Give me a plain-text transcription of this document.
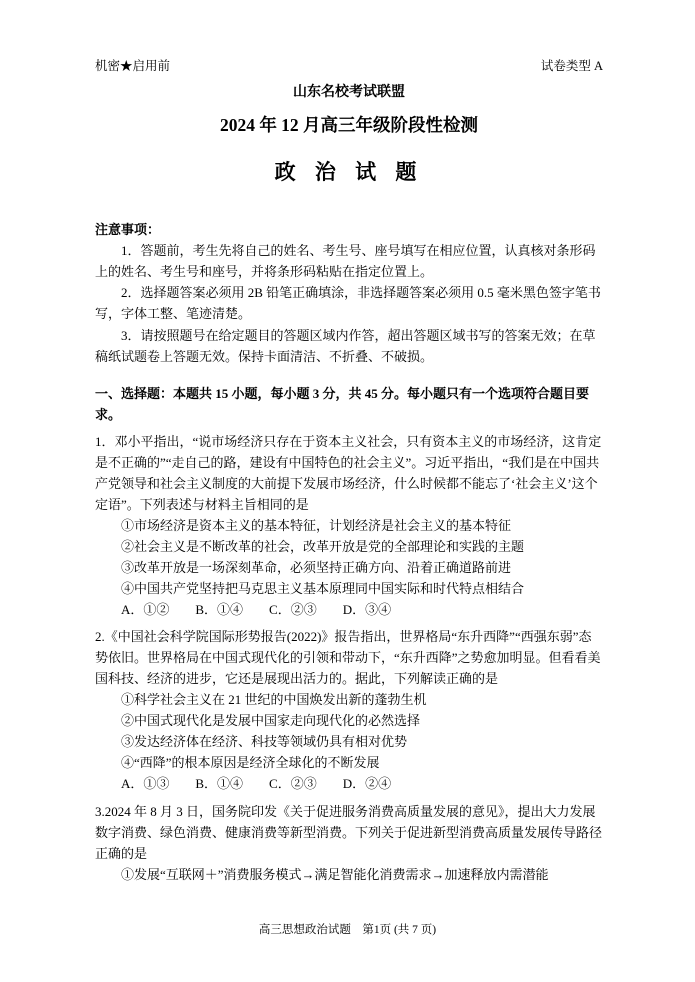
机密★启用前	试卷类型 A
山东名校考试联盟
2024 年 12 月高三年级阶段性检测
政 治 试 题

注意事项：

1．答题前，考生先将自己的姓名、考生号、座号填写在相应位置，认真核对条形码上的姓名、考生号和座号，并将条形码粘贴在指定位置上。

2．选择题答案必须用 2B 铅笔正确填涂，非选择题答案必须用 0.5 毫米黑色签字笔书写，字体工整、笔迹清楚。

3．请按照题号在给定题目的答题区域内作答，超出答题区域书写的答案无效；在草稿纸试题卷上答题无效。保持卡面清洁、不折叠、不破损。

一、选择题：本题共 15 小题，每小题 3 分，共 45 分。每小题只有一个选项符合题目要求。

1．邓小平指出，“说市场经济只存在于资本主义社会，只有资本主义的市场经济，这肯定是不正确的”“走自己的路，建设有中国特色的社会主义”。习近平指出，“我们是在中国共产党领导和社会主义制度的大前提下发展市场经济，什么时候都不能忘了‘社会主义’这个定语”。下列表述与材料主旨相同的是

①市场经济是资本主义的基本特征，计划经济是社会主义的基本特征

②社会主义是不断改革的社会，改革开放是党的全部理论和实践的主题

③改革开放是一场深刻革命，必须坚持正确方向、沿着正确道路前进

④中国共产党坚持把马克思主义基本原理同中国实际和时代特点相结合

A．①②　　B．①④　　C．②③　　D．③④

2.《中国社会科学院国际形势报告(2022)》报告指出，世界格局“东升西降”“西强东弱”态势依旧。世界格局在中国式现代化的引领和带动下，“东升西降”之势愈加明显。但看看美国科技、经济的进步，它还是展现出活力的。据此，下列解读正确的是

①科学社会主义在 21 世纪的中国焕发出新的蓬勃生机

②中国式现代化是发展中国家走向现代化的必然选择

③发达经济体在经济、科技等领域仍具有相对优势

④“西降”的根本原因是经济全球化的不断发展

A．①③　　B．①④　　C．②③　　D．②④

3.2024 年 8 月 3 日，国务院印发《关于促进服务消费高质量发展的意见》，提出大力发展数字消费、绿色消费、健康消费等新型消费。下列关于促进新型消费高质量发展传导路径正确的是

①发展“互联网＋”消费服务模式→满足智能化消费需求→加速释放内需潜能

高三思想政治试题　第1页 (共 7 页)
